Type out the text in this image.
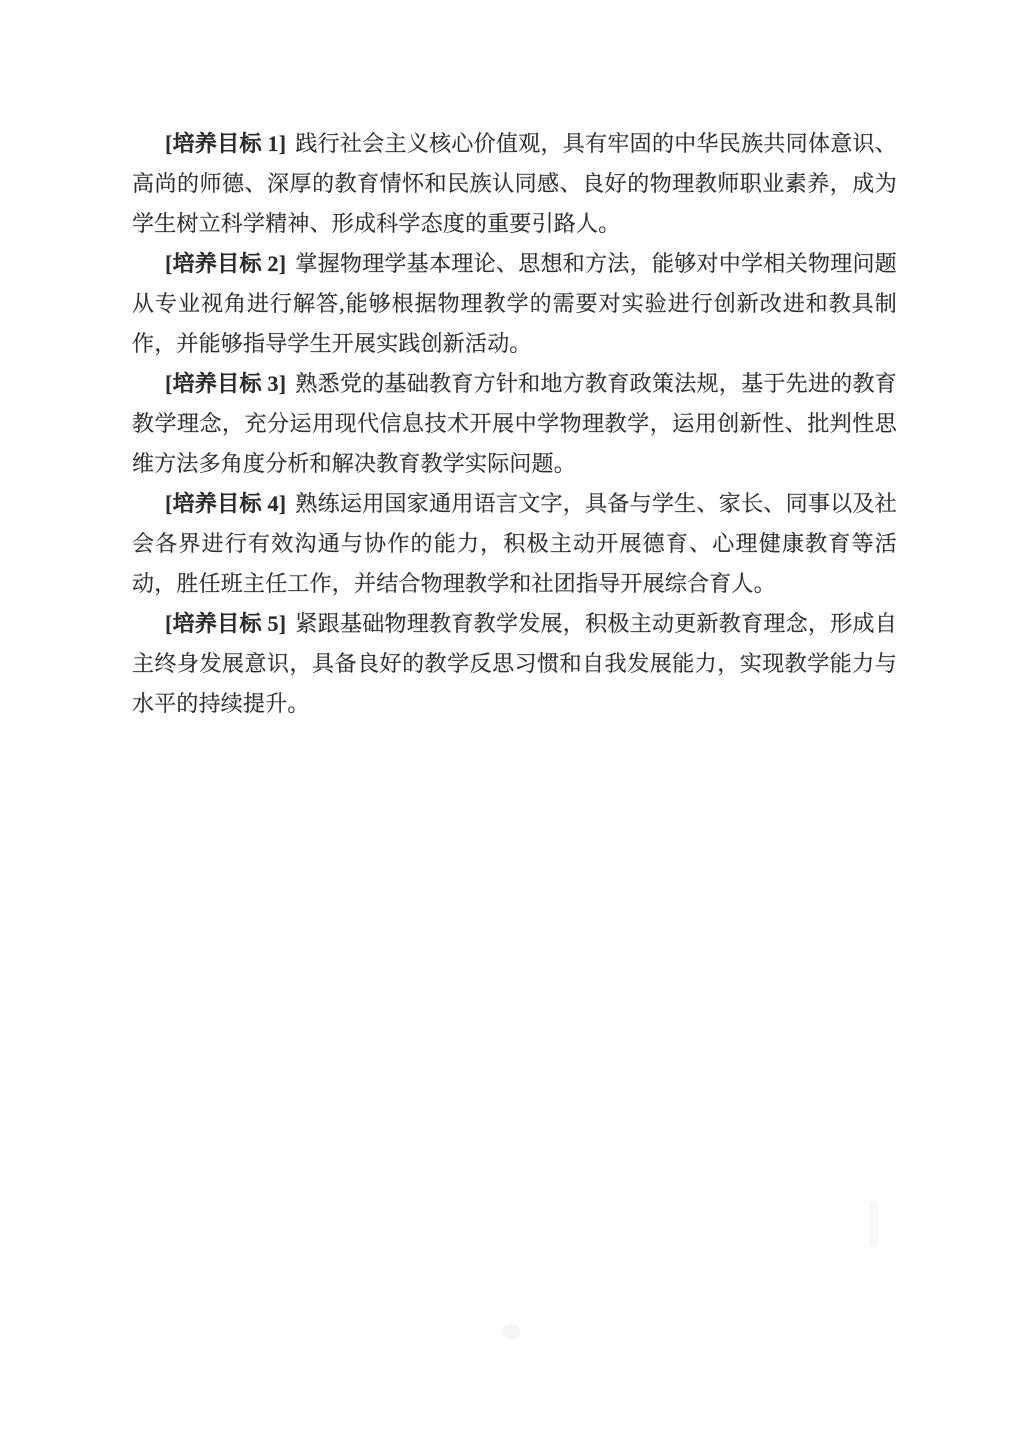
[培养目标 1] 践行社会主义核心价值观，具有牢固的中华民族共同体意识、高尚的师德、深厚的教育情怀和民族认同感、良好的物理教师职业素养，成为学生树立科学精神、形成科学态度的重要引路人。

[培养目标 2] 掌握物理学基本理论、思想和方法，能够对中学相关物理问题从专业视角进行解答,能够根据物理教学的需要对实验进行创新改进和教具制作，并能够指导学生开展实践创新活动。

[培养目标 3] 熟悉党的基础教育方针和地方教育政策法规，基于先进的教育教学理念，充分运用现代信息技术开展中学物理教学，运用创新性、批判性思维方法多角度分析和解决教育教学实际问题。

[培养目标 4] 熟练运用国家通用语言文字，具备与学生、家长、同事以及社会各界进行有效沟通与协作的能力，积极主动开展德育、心理健康教育等活动，胜任班主任工作，并结合物理教学和社团指导开展综合育人。

[培养目标 5] 紧跟基础物理教育教学发展，积极主动更新教育理念，形成自主终身发展意识，具备良好的教学反思习惯和自我发展能力，实现教学能力与水平的持续提升。
